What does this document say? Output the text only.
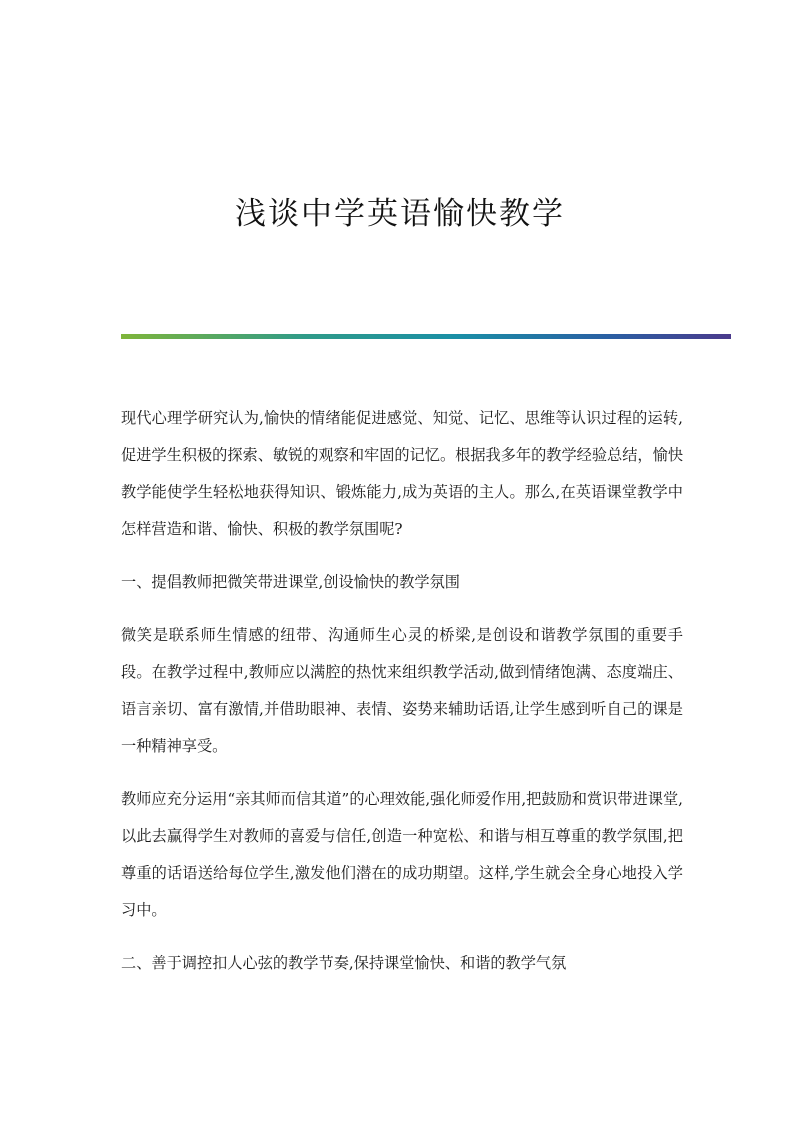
浅谈中学英语愉快教学

现代心理学研究认为,愉快的情绪能促进感觉、知觉、记忆、思维等认识过程的运转,促进学生积极的探索、敏锐的观察和牢固的记忆。根据我多年的教学经验总结，愉快教学能使学生轻松地获得知识、锻炼能力,成为英语的主人。那么,在英语课堂教学中怎样营造和谐、愉快、积极的教学氛围呢?

一、提倡教师把微笑带进课堂,创设愉快的教学氛围

微笑是联系师生情感的纽带、沟通师生心灵的桥梁,是创设和谐教学氛围的重要手段。在教学过程中,教师应以满腔的热忱来组织教学活动,做到情绪饱满、态度端庄、语言亲切、富有激情,并借助眼神、表情、姿势来辅助话语,让学生感到听自己的课是一种精神享受。

教师应充分运用“亲其师而信其道”的心理效能,强化师爱作用,把鼓励和赏识带进课堂,以此去赢得学生对教师的喜爱与信任,创造一种宽松、和谐与相互尊重的教学氛围,把尊重的话语送给每位学生,激发他们潜在的成功期望。这样,学生就会全身心地投入学习中。

二、善于调控扣人心弦的教学节奏,保持课堂愉快、和谐的教学气氛
